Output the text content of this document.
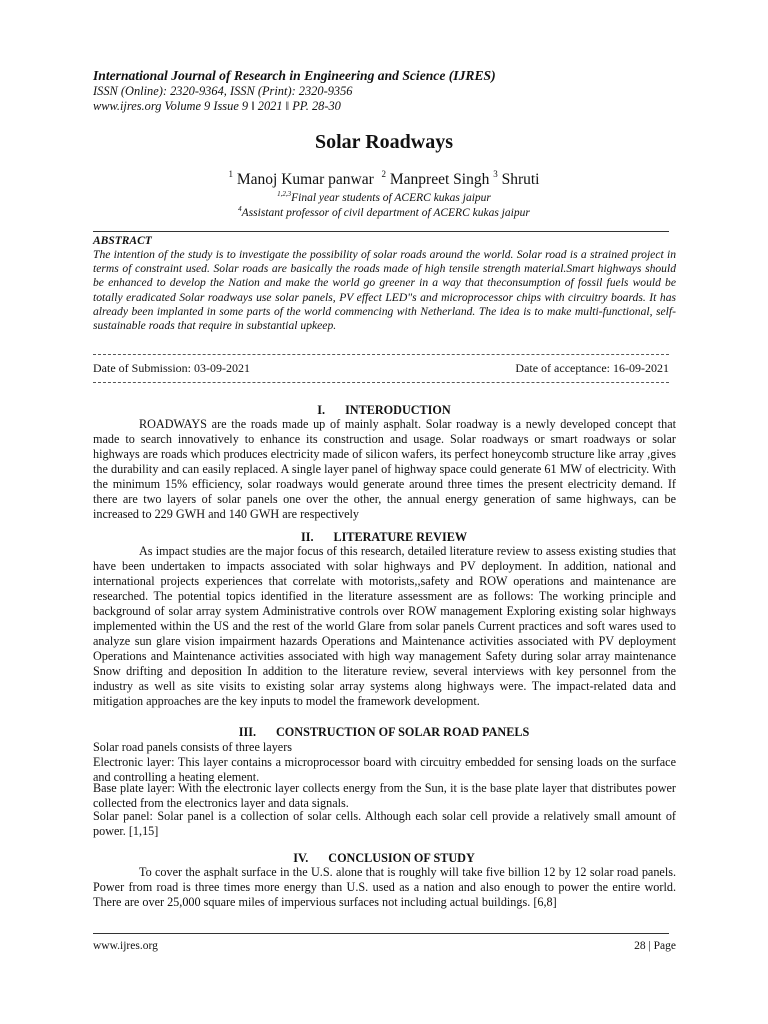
International Journal of Research in Engineering and Science (IJRES)
ISSN (Online): 2320-9364, ISSN (Print): 2320-9356
www.ijres.org Volume 9 Issue 9 ǁ 2021 ǁ PP. 28-30
Solar Roadways
$^1$ Manoj Kumar panwar $^2$ Manpreet Singh $^3$ Shruti
$^{1,2,3}$Final year students of ACERC kukas jaipur
$^4$Assistant professor of civil department of ACERC kukas jaipur
ABSTRACT

The intention of the study is to investigate the possibility of solar roads around the world. Solar road is a strained project in terms of constraint used. Solar roads are basically the roads made of high tensile strength material.Smart highways should be enhanced to develop the Nation and make the world go greener in a way that theconsumption of fossil fuels would be totally eradicated Solar roadways use solar panels, PV effect LED"s and microprocessor chips with circuitry boards. It has already been implanted in some parts of the world commencing with Netherland. The idea is to make multi-functional, self-sustainable roads that require in substantial upkeep.

Date of Submission: 03-09-2021	Date of acceptance: 16-09-2021
I. INTERODUCTION

ROADWAYS are the roads made up of mainly asphalt. Solar roadway is a newly developed concept that made to search innovatively to enhance its construction and usage. Solar roadways or smart roadways or solar highways are roads which produces electricity made of silicon wafers, its perfect honeycomb structure like array ,gives the durability and can easily replaced. A single layer panel of highway space could generate 61 MW of electricity. With the minimum 15% efficiency, solar roadways would generate around three times the present electricity demand. If there are two layers of solar panels one over the other, the annual energy generation of same highways, can be increased to 229 GWH and 140 GWH are respectively

II. LITERATURE REVIEW

As impact studies are the major focus of this research, detailed literature review to assess existing studies that have been undertaken to impacts associated with solar highways and PV deployment. In addition, national and international projects experiences that correlate with motorists,,safety and ROW operations and maintenance are researched. The potential topics identified in the literature assessment are as follows: The working principle and background of solar array system Administrative controls over ROW management Exploring existing solar highways implemented within the US and the rest of the world Glare from solar panels Current practices and soft wares used to analyze sun glare vision impairment hazards Operations and Maintenance activities associated with PV deployment Operations and Maintenance activities associated with high way management Safety during solar array maintenance Snow drifting and deposition In addition to the literature review, several interviews with key personnel from the industry as well as site visits to existing solar array systems along highways were. The impact-related data and mitigation approaches are the key inputs to model the framework development.

III. CONSTRUCTION OF SOLAR ROAD PANELS

Solar road panels consists of three layers

Electronic layer: This layer contains a microprocessor board with circuitry embedded for sensing loads on the surface and controlling a heating element.

Base plate layer: With the electronic layer collects energy from the Sun, it is the base plate layer that distributes power collected from the electronics layer and data signals.

Solar panel: Solar panel is a collection of solar cells. Although each solar cell provide a relatively small amount of power. [1,15]

IV. CONCLUSION OF STUDY

To cover the asphalt surface in the U.S. alone that is roughly will take five billion 12 by 12 solar road panels. Power from road is three times more energy than U.S. used as a nation and also enough to power the entire world. There are over 25,000 square miles of impervious surfaces not including actual buildings. [6,8]

www.ijres.org	28 | Page
